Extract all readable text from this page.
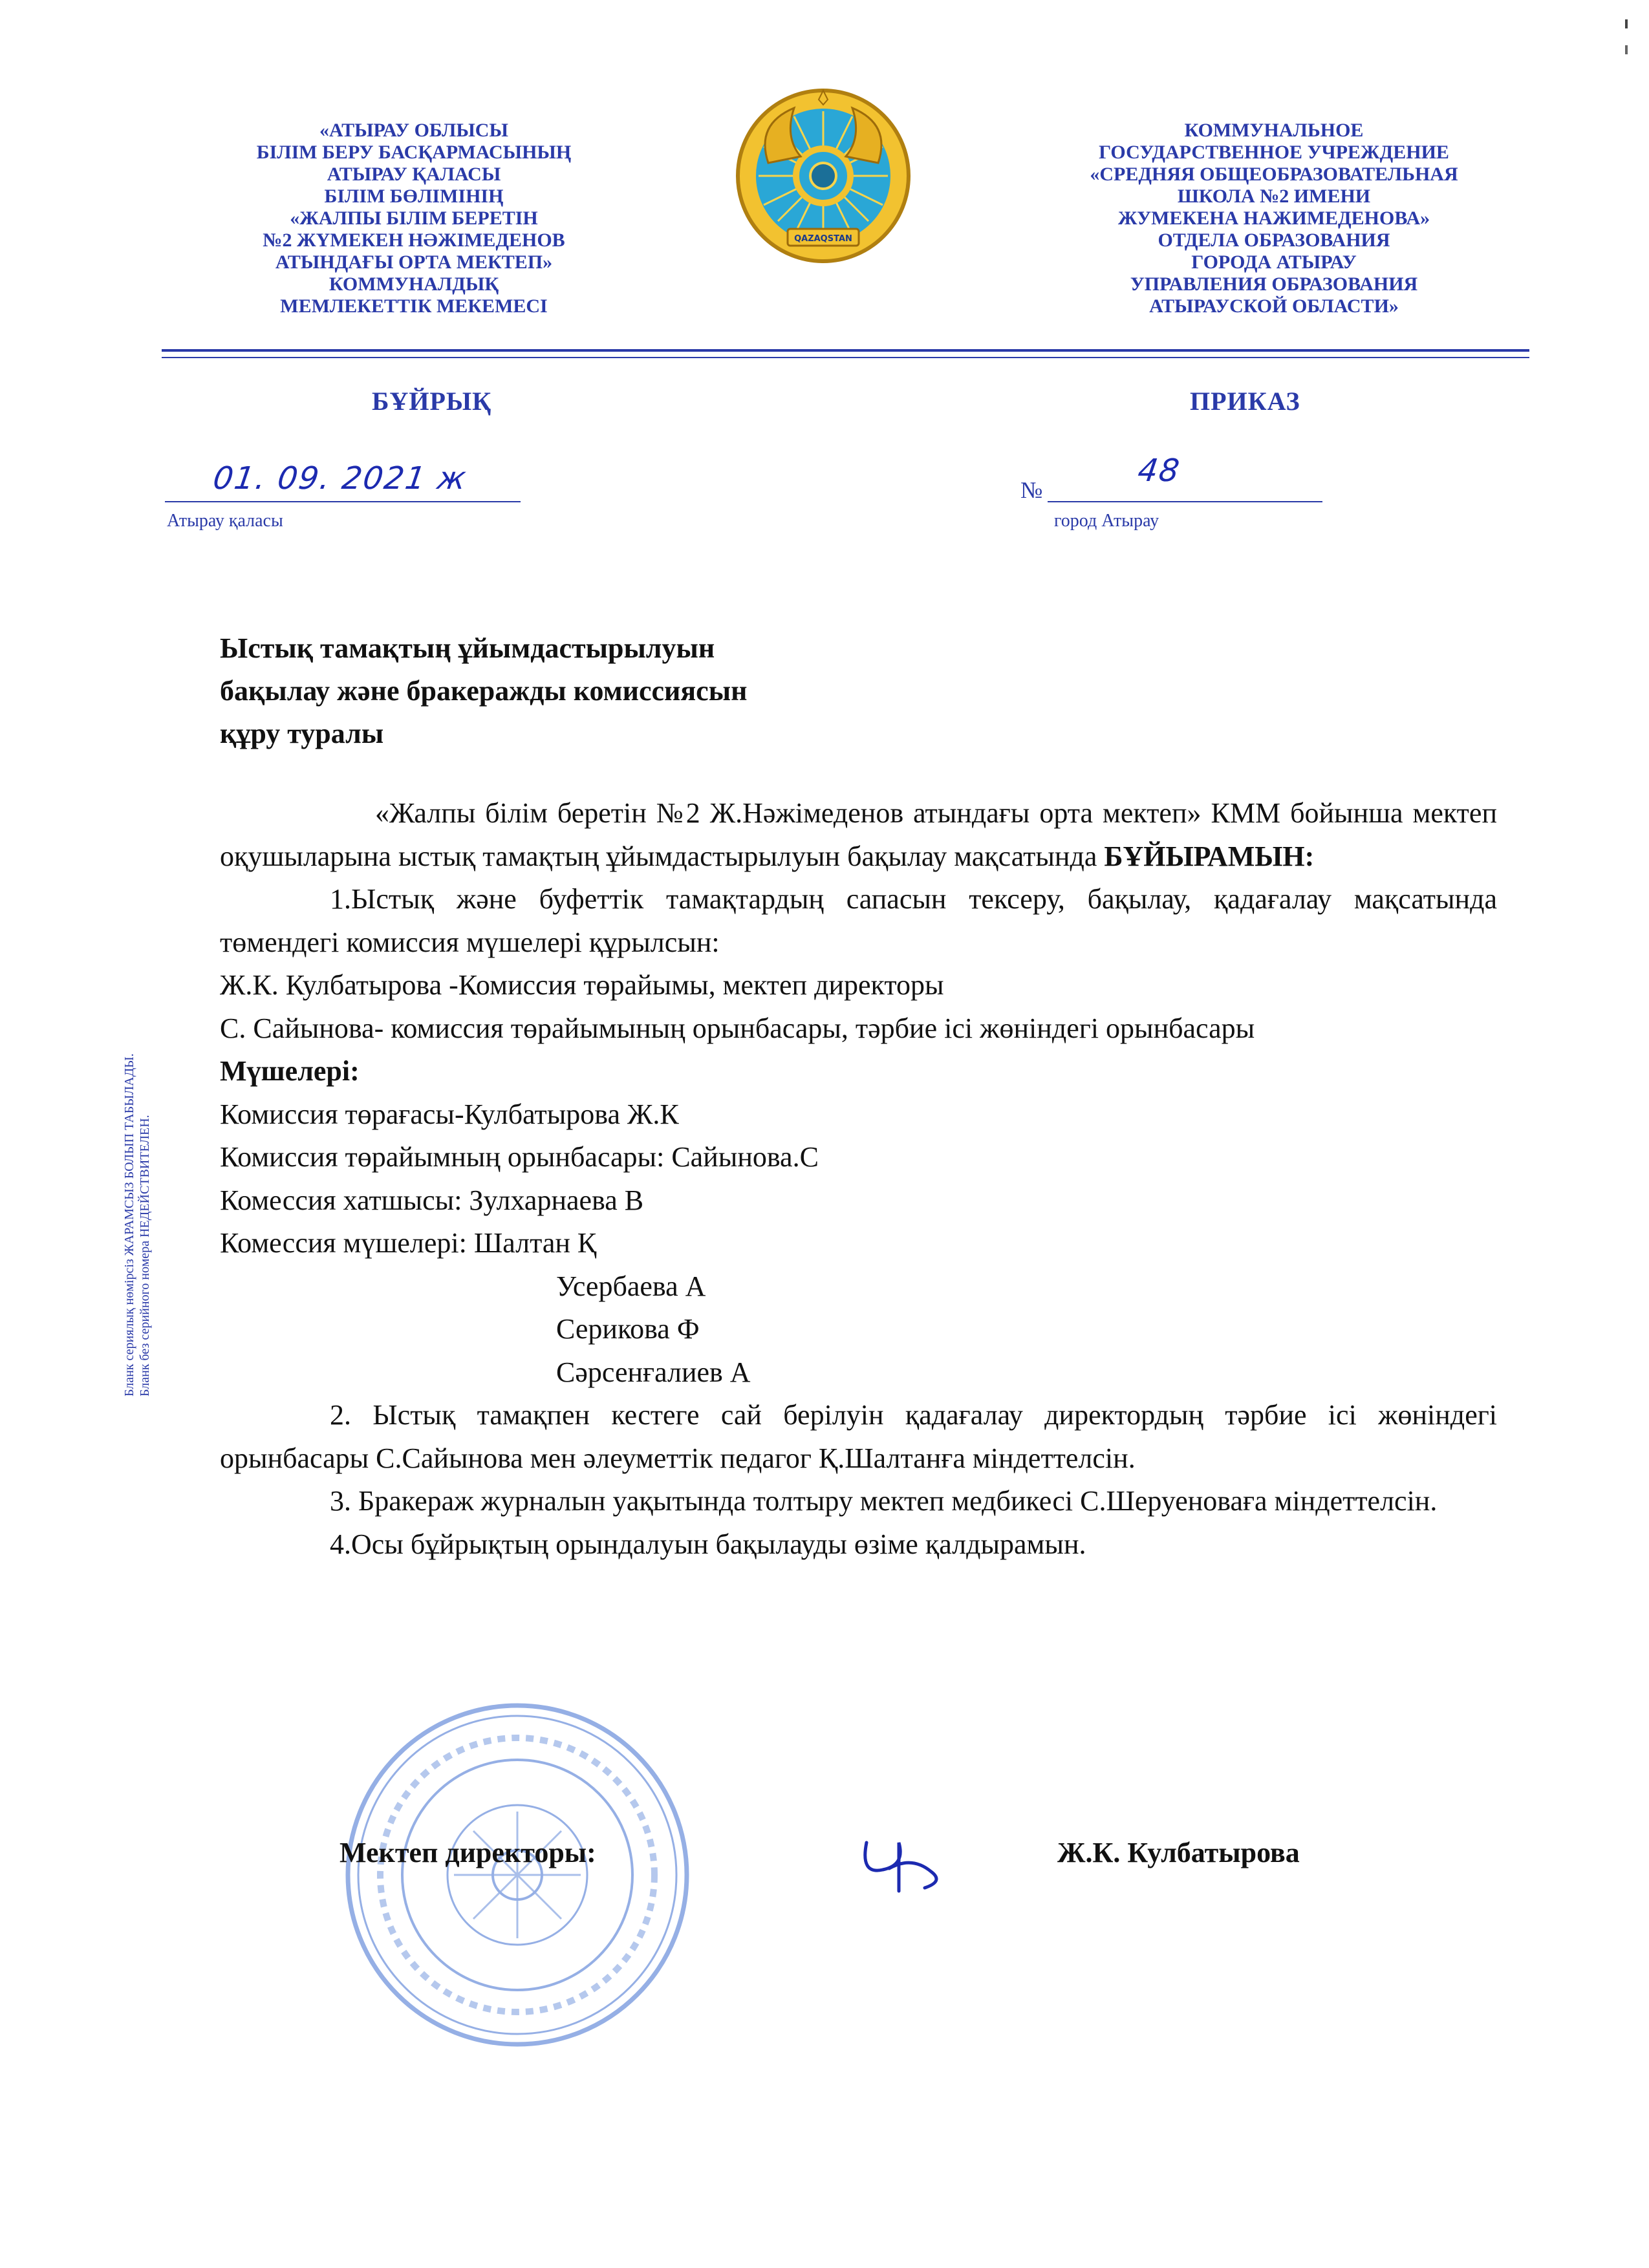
«АТЫРАУ ОБЛЫСЫ
БІЛІМ БЕРУ БАСҚАРМАСЫНЫҢ
АТЫРАУ ҚАЛАСЫ
БІЛІМ БӨЛІМІНІҢ
«ЖАЛПЫ БІЛІМ БЕРЕТІН
№2 ЖҮМЕКЕН НӘЖІМЕДЕНОВ
АТЫНДАҒЫ ОРТА МЕКТЕП»
КОММУНАЛДЫҚ
МЕМЛЕКЕТТІК МЕКЕМЕСІ
QAZAQSTAN
КОММУНАЛЬНОЕ
ГОСУДАРСТВЕННОЕ УЧРЕЖДЕНИЕ
«СРЕДНЯЯ ОБЩЕОБРАЗОВАТЕЛЬНАЯ
ШКОЛА №2 ИМЕНИ
ЖУМЕКЕНА НАЖИМЕДЕНОВА»
ОТДЕЛА ОБРАЗОВАНИЯ
ГОРОДА АТЫРАУ
УПРАВЛЕНИЯ ОБРАЗОВАНИЯ
АТЫРАУСКОЙ ОБЛАСТИ»
БҰЙРЫҚ	ПРИКАЗ
01. 09. 2021 ж
Атырау қаласы
№
48
город Атырау
Бланк сериялық нөмірсіз ЖАРАМСЫЗ БОЛЫП ТАБЫЛАДЫ. Бланк без серийного номера НЕДЕЙСТВИТЕЛЕН.
Ыстық тамақтың ұйымдастырылуын
бақылау және бракеражды комиссиясын
құру туралы

«Жалпы білім беретін №2 Ж.Нәжімеденов атындағы орта мектеп» КММ бойынша мектеп оқушыларына ыстық тамақтың ұйымдастырылуын бақылау мақсатында БҰЙЫРАМЫН:

1.Ыстық және буфеттік тамақтардың сапасын тексеру, бақылау, қадағалау мақсатында төмендегі комиссия мүшелері құрылсын:

Ж.К. Кулбатырова -Комиссия төрайымы, мектеп директоры

С. Сайынова- комиссия төрайымының орынбасары, тәрбие ісі жөніндегі орынбасары

Мүшелері:

Комиссия төрағасы-Кулбатырова Ж.К

Комиссия төрайымның орынбасары: Сайынова.С

Комессия хатшысы: Зулхарнаева В

Комессия мүшелері: Шалтан Қ

Усербаева А

Серикова Ф

Сәрсенғалиев А

2. Ыстық тамақпен кестеге сай берілуін қадағалау директордың тәрбие ісі жөніндегі орынбасары С.Сайынова мен әлеуметтік педагог Қ.Шалтанға міндеттелсін.

3. Бракераж журналын уақытында толтыру мектеп медбикесі С.Шеруеновағa міндеттелсін.

4.Осы бұйрықтың орындалуын бақылауды өзіме қалдырамын.

Мектеп директоры:	Ж.К. Кулбатырова
